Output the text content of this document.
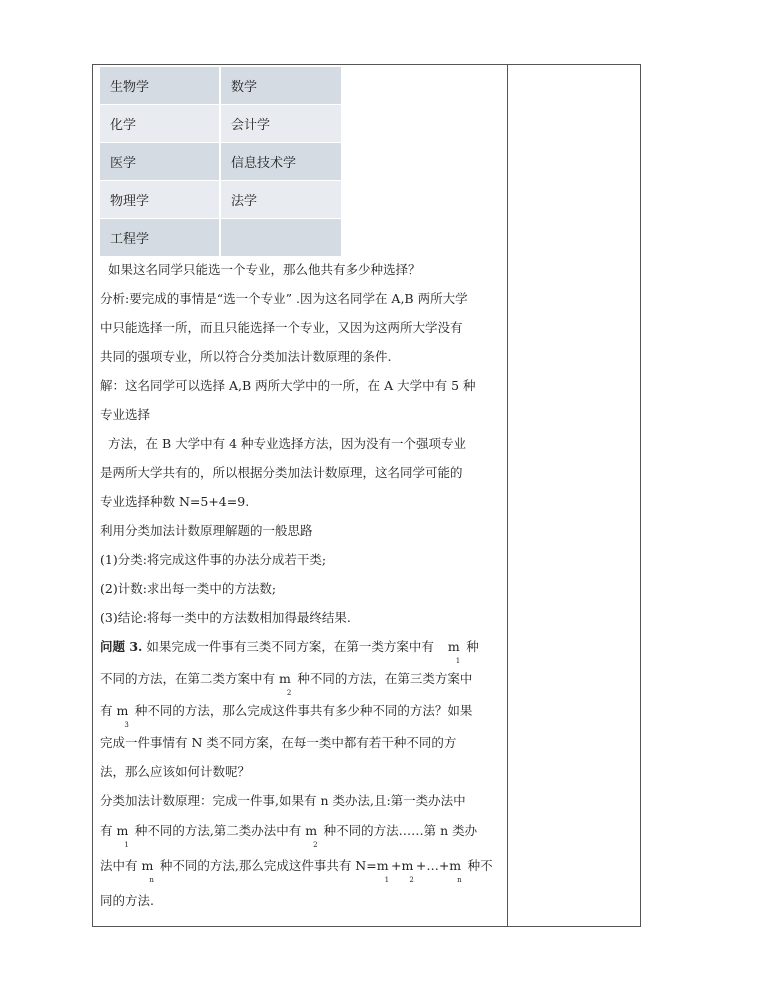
生物学	数学
化学	会计学
医学	信息技术学
物理学	法学
工程学	
如果这名同学只能选一个专业，那么他共有多少种选择？
分析:要完成的事情是“选一个专业” .因为这名同学在 A,B 两所大学
中只能选择一所，而且只能选择一个专业，又因为这两所大学没有
共同的强项专业，所以符合分类加法计数原理的条件.
解：这名同学可以选择 A,B 两所大学中的一所，在 A 大学中有 5 种
专业选择
方法，在 B 大学中有 4 种专业选择方法，因为没有一个强项专业
是两所大学共有的，所以根据分类加法计数原理，这名同学可能的
专业选择种数 N=5+4=9.
利用分类加法计数原理解题的一般思路
(1)分类:将完成这件事的办法分成若干类;
(2)计数:求出每一类中的方法数;
(3)结论:将每一类中的方法数相加得最终结果.
问题 3. 如果完成一件事有三类不同方案，在第一类方案中有 $m_1$ 种
不同的方法，在第二类方案中有 $m_2$ 种不同的方法，在第三类方案中
有 $m_3$ 种不同的方法，那么完成这件事共有多少种不同的方法？如果
完成一件事情有 N 类不同方案，在每一类中都有若干种不同的方
法，那么应该如何计数呢？
分类加法计数原理：完成一件事,如果有 n 类办法,且:第一类办法中
有 $m_1$ 种不同的方法,第二类办法中有 $m_2$ 种不同的方法……第 n 类办
法中有 $m_n$ 种不同的方法,那么完成这件事共有 $N=m_1+m_2+\dots+m_n$ 种不
同的方法.
